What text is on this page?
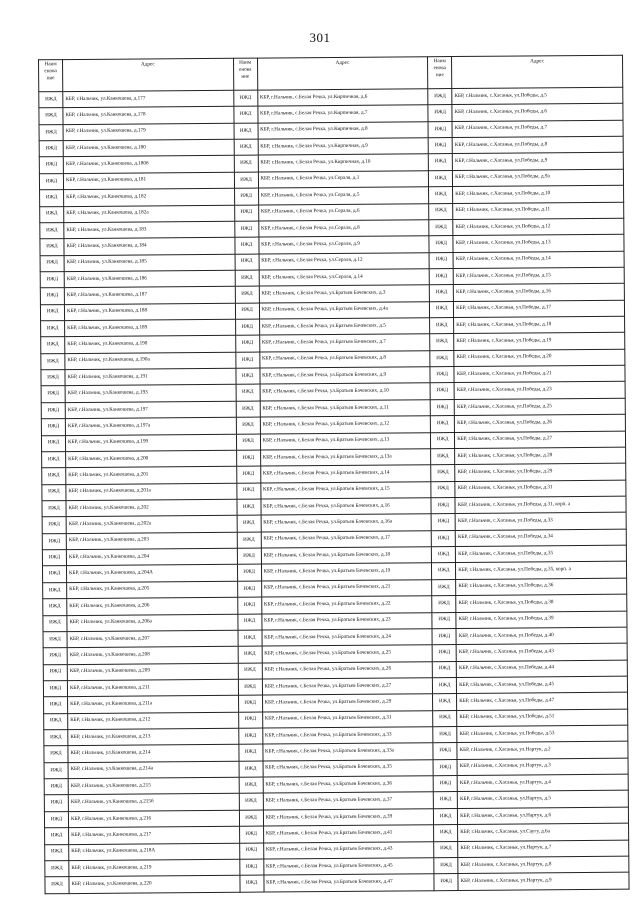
301
Наим енова ние	Адрес	Наим енова ние	Адрес	Наим енова ние	Адрес
ИЖД	КБР, г.Нальчик, ул.Канкошева, д.177	ИЖД	КБР, г.Нальчик, с.Белая Речка, ул.Кирпичная, д.6	ИЖД	КБР, г.Нальчик, с.Хасанья, ул.Победы, д.5
ИЖД	КБР, г.Нальчик, ул.Канкошева, д.178	ИЖД	КБР, г.Нальчик, с.Белая Речка, ул.Кирпичная, д.7	ИЖД	КБР, г.Нальчик, с.Хасанья, ул.Победы, д.6
ИЖД	КБР, г.Нальчик, ул.Канкошева, д.179	ИЖД	КБР, г.Нальчик, с.Белая Речка, ул.Кирпичная, д.8	ИЖД	КБР, г.Нальчик, с.Хасанья, ул.Победы, д.7
ИЖД	КБР, г.Нальчик, ул.Канкошева, д.180	ИЖД	КБР, г.Нальчик, с.Белая Речка, ул.Кирпичная, д.9	ИЖД	КБР, г.Нальчик, с.Хасанья, ул.Победы, д.8
ИЖД	КБР, г.Нальчик, ул.Канкошева, д.180б	ИЖД	КБР, г.Нальчик, с.Белая Речка, ул.Кирпичная, д.10	ИЖД	КБР, г.Нальчик, с.Хасанья, ул.Победы, д.9
ИЖД	КБР, г.Нальчик, ул.Канкошева, д.181	ИЖД	КБР, г.Нальчик, с.Белая Речка, ул.Сераля, д.1	ИЖД	КБР, г.Нальчик, с.Хасанья, ул.Победы, д.9а
ИЖД	КБР, г.Нальчик, ул.Канкошева, д.182	ИЖД	КБР, г.Нальчик, с.Белая Речка, ул.Сераля, д.5	ИЖД	КБР, г.Нальчик, с.Хасанья, ул.Победы, д.10
ИЖД	КБР, г.Нальчик, ул.Канкошева, д.182а	ИЖД	КБР, г.Нальчик, с.Белая Речка, ул.Сераля, д.6	ИЖД	КБР, г.Нальчик, с.Хасанья, ул.Победы, д.11
ИЖД	КБР, г.Нальчик, ул.Канкошева, д.183	ИЖД	КБР, г.Нальчик, с.Белая Речка, ул.Сераля, д.8	ИЖД	КБР, г.Нальчик, с.Хасанья, ул.Победы, д.12
ИЖД	КБР, г.Нальчик, ул.Канкошева, д.184	ИЖД	КБР, г.Нальчик, с.Белая Речка, ул.Сераля, д.9	ИЖД	КБР, г.Нальчик, с.Хасанья, ул.Победы, д.13
ИЖД	КБР, г.Нальчик, ул.Канкошева, д.185	ИЖД	КБР, г.Нальчик, с.Белая Речка, ул.Сераля, д.12	ИЖД	КБР, г.Нальчик, с.Хасанья, ул.Победы, д.14
ИЖД	КБР, г.Нальчик, ул.Канкошева, д.186	ИЖД	КБР, г.Нальчик, с.Белая Речка, ул.Сераля, д.14	ИЖД	КБР, г.Нальчик, с.Хасанья, ул.Победы, д.15
ИЖД	КБР, г.Нальчик, ул.Канкошева, д.187	ИЖД	КБР, г.Нальчик, с.Белая Речка, ул.Братьев Бачевских, д.3	ИЖД	КБР, г.Нальчик, с.Хасанья, ул.Победы, д.16
ИЖД	КБР, г.Нальчик, ул.Канкошева, д.188	ИЖД	КБР, г.Нальчик, с.Белая Речка, ул.Братьев Бачевских, д.4а	ИЖД	КБР, г.Нальчик, с.Хасанья, ул.Победы, д.17
ИЖД	КБР, г.Нальчик, ул.Канкошева, д.189	ИЖД	КБР, г.Нальчик, с.Белая Речка, ул.Братьев Бачевских, д.5	ИЖД	КБР, г.Нальчик, с.Хасанья, ул.Победы, д.18
ИЖД	КБР, г.Нальчик, ул.Канкошева, д.190	ИЖД	КБР, г.Нальчик, с.Белая Речка, ул.Братьев Бачевских, д.7	ИЖД	КБР, г.Нальчик, с.Хасанья, ул.Победы, д.19
ИЖД	КБР, г.Нальчик, ул.Канкошева, д.190а	ИЖД	КБР, г.Нальчик, с.Белая Речка, ул.Братьев Бачевских, д.8	ИЖД	КБР, г.Нальчик, с.Хасанья, ул.Победы, д.20
ИЖД	КБР, г.Нальчик, ул.Канкошева, д.191	ИЖД	КБР, г.Нальчик, с.Белая Речка, ул.Братьев Бачевских, д.9	ИЖД	КБР, г.Нальчик, с.Хасанья, ул.Победы, д.21
ИЖД	КБР, г.Нальчик, ул.Канкошева, д.193	ИЖД	КБР, г.Нальчик, с.Белая Речка, ул.Братьев Бачевских, д.10	ИЖД	КБР, г.Нальчик, с.Хасанья, ул.Победы, д.23
ИЖД	КБР, г.Нальчик, ул.Канкошева, д.197	ИЖД	КБР, г.Нальчик, с.Белая Речка, ул.Братьев Бачевских, д.11	ИЖД	КБР, г.Нальчик, с.Хасанья, ул.Победы, д.25
ИЖД	КБР, г.Нальчик, ул.Канкошева, д.197а	ИЖД	КБР, г.Нальчик, с.Белая Речка, ул.Братьев Бачевских, д.12	ИЖД	КБР, г.Нальчик, с.Хасанья, ул.Победы, д.26
ИЖД	КБР, г.Нальчик, ул.Канкошева, д.199	ИЖД	КБР, г.Нальчик, с.Белая Речка, ул.Братьев Бачевских, д.13	ИЖД	КБР, г.Нальчик, с.Хасанья, ул.Победы, д.27
ИЖД	КБР, г.Нальчик, ул.Канкошева, д.200	ИЖД	КБР, г.Нальчик, с.Белая Речка, ул.Братьев Бачевских, д.13а	ИЖД	КБР, г.Нальчик, с.Хасанья, ул.Победы, д.28
ИЖД	КБР, г.Нальчик, ул.Канкошева, д.201	ИЖД	КБР, г.Нальчик, с.Белая Речка, ул.Братьев Бачевских, д.14	ИЖД	КБР, г.Нальчик, с.Хасанья, ул.Победы, д.29
ИЖД	КБР, г.Нальчик, ул.Канкошева, д.201а	ИЖД	КБР, г.Нальчик, с.Белая Речка, ул.Братьев Бачевских, д.15	ИЖД	КБР, г.Нальчик, с.Хасанья, ул.Победы, д.31
ИЖД	КБР, г.Нальчик, ул.Канкошева, д.202	ИЖД	КБР, г.Нальчик, с.Белая Речка, ул.Братьев Бачевских, д.16	ИЖД	КБР, г.Нальчик, с.Хасанья, ул.Победы, д.31, корп. а
ИЖД	КБР, г.Нальчик, ул.Канкошева, д.202а	ИЖД	КБР, г.Нальчик, с.Белая Речка, ул.Братьев Бачевских, д.16а	ИЖД	КБР, г.Нальчик, с.Хасанья, ул.Победы, д.33
ИЖД	КБР, г.Нальчик, ул.Канкошева, д.203	ИЖД	КБР, г.Нальчик, с.Белая Речка, ул.Братьев Бачевских, д.17	ИЖД	КБР, г.Нальчик, с.Хасанья, ул.Победы, д.34
ИЖД	КБР, г.Нальчик, ул.Канкошева, д.204	ИЖД	КБР, г.Нальчик, с.Белая Речка, ул.Братьев Бачевских, д.18	ИЖД	КБР, г.Нальчик, с.Хасанья, ул.Победы, д.35
ИЖД	КБР, г.Нальчик, ул.Канкошева, д.204А	ИЖД	КБР, г.Нальчик, с.Белая Речка, ул.Братьев Бачевских, д.19	ИЖД	КБР, г.Нальчик, с.Хасанья, ул.Победы, д.35, корп. а
ИЖД	КБР, г.Нальчик, ул.Канкошева, д.205	ИЖД	КБР, г.Нальчик, с.Белая Речка, ул.Братьев Бачевских, д.21	ИЖД	КБР, г.Нальчик, с.Хасанья, ул.Победы, д.36
ИЖД	КБР, г.Нальчик, ул.Канкошева, д.206	ИЖД	КБР, г.Нальчик, с.Белая Речка, ул.Братьев Бачевских, д.22	ИЖД	КБР, г.Нальчик, с.Хасанья, ул.Победы, д.38
ИЖД	КБР, г.Нальчик, ул.Канкошева, д.206а	ИЖД	КБР, г.Нальчик, с.Белая Речка, ул.Братьев Бачевских, д.23	ИЖД	КБР, г.Нальчик, с.Хасанья, ул.Победы, д.39
ИЖД	КБР, г.Нальчик, ул.Канкошева, д.207	ИЖД	КБР, г.Нальчик, с.Белая Речка, ул.Братьев Бачевских, д.24	ИЖД	КБР, г.Нальчик, с.Хасанья, ул.Победы, д.40
ИЖД	КБР, г.Нальчик, ул.Канкошева, д.208	ИЖД	КБР, г.Нальчик, с.Белая Речка, ул.Братьев Бачевских, д.25	ИЖД	КБР, г.Нальчик, с.Хасанья, ул.Победы, д.43
ИЖД	КБР, г.Нальчик, ул.Канкошева, д.209	ИЖД	КБР, г.Нальчик, с.Белая Речка, ул.Братьев Бачевских, д.26	ИЖД	КБР, г.Нальчик, с.Хасанья, ул.Победы, д.44
ИЖД	КБР, г.Нальчик, ул.Канкошева, д.211	ИЖД	КБР, г.Нальчик, с.Белая Речка, ул.Братьев Бачевских, д.27	ИЖД	КБР, г.Нальчик, с.Хасанья, ул.Победы, д.45
ИЖД	КБР, г.Нальчик, ул.Канкошева, д.211а	ИЖД	КБР, г.Нальчик, с.Белая Речка, ул.Братьев Бачевских, д.29	ИЖД	КБР, г.Нальчик, с.Хасанья, ул.Победы, д.47
ИЖД	КБР, г.Нальчик, ул.Канкошева, д.212	ИЖД	КБР, г.Нальчик, с.Белая Речка, ул.Братьев Бачевских, д.31	ИЖД	КБР, г.Нальчик, с.Хасанья, ул.Победы, д.51
ИЖД	КБР, г.Нальчик, ул.Канкошева, д.213	ИЖД	КБР, г.Нальчик, с.Белая Речка, ул.Братьев Бачевских, д.33	ИЖД	КБР, г.Нальчик, с.Хасанья, ул.Победы, д.53
ИЖД	КБР, г.Нальчик, ул.Канкошева, д.214	ИЖД	КБР, г.Нальчик, с.Белая Речка, ул.Братьев Бачевских, д.33а	ИЖД	КБР, г.Нальчик, с.Хасанья, ул.Нартук, д.2
ИЖД	КБР, г.Нальчик, ул.Канкошева, д.214а	ИЖД	КБР, г.Нальчик, с.Белая Речка, ул.Братьев Бачевских, д.35	ИЖД	КБР, г.Нальчик, с.Хасанья, ул.Нартук, д.3
ИЖД	КБР, г.Нальчик, ул.Канкошева, д.215	ИЖД	КБР, г.Нальчик, с.Белая Речка, ул.Братьев Бачевских, д.36	ИЖД	КБР, г.Нальчик, с.Хасанья, ул.Нартук, д.4
ИЖД	КБР, г.Нальчик, ул.Канкошева, д.215б	ИЖД	КБР, г.Нальчик, с.Белая Речка, ул.Братьев Бачевских, д.37	ИЖД	КБР, г.Нальчик, с.Хасанья, ул.Нартук, д.5
ИЖД	КБР, г.Нальчик, ул.Канкошева, д.216	ИЖД	КБР, г.Нальчик, с.Белая Речка, ул.Братьев Бачевских, д.39	ИЖД	КБР, г.Нальчик, с.Хасанья, ул.Нартук, д.6
ИЖД	КБР, г.Нальчик, ул.Канкошева, д.217	ИЖД	КБР, г.Нальчик, с.Белая Речка, ул.Братьев Бачевских, д.41	ИЖД	КБР, г.Нальчик, с.Хасанья, ул.Саугу, д.6а
ИЖД	КБР, г.Нальчик, ул.Канкошева, д.218А	ИЖД	КБР, г.Нальчик, с.Белая Речка, ул.Братьев Бачевских, д.43	ИЖД	КБР, г.Нальчик, с.Хасанья, ул.Нартук, д.7
ИЖД	КБР, г.Нальчик, ул.Канкошева, д.219	ИЖД	КБР, г.Нальчик, с.Белая Речка, ул.Братьев Бачевских, д.45	ИЖД	КБР, г.Нальчик, с.Хасанья, ул.Нартук, д.8
ИЖД	КБР, г.Нальчик, ул.Канкошева, д.220	ИЖД	КБР, г.Нальчик, с.Белая Речка, ул.Братьев Бачевских, д.47	ИЖД	КБР, г.Нальчик, с.Хасанья, ул.Нартук, д.9
